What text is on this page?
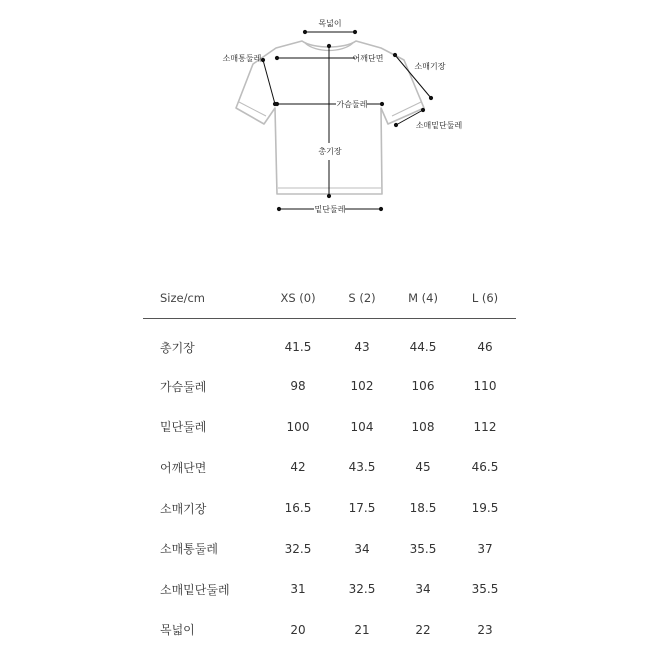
목넓이
소매통둘레	어깨단면
소매기장
가슴둘레
소매밑단둘레
총기장
밑단둘레
Size/cm	XS (0)	S (2)	M (4)	L (6)
총기장	41.5	43	44.5	46
가슴둘레	98	102	106	110
밑단둘레	100	104	108	112
어깨단면	42	43.5	45	46.5
소매기장	16.5	17.5	18.5	19.5
소매통둘레	32.5	34	35.5	37
소매밑단둘레	31	32.5	34	35.5
목넓이	20	21	22	23
